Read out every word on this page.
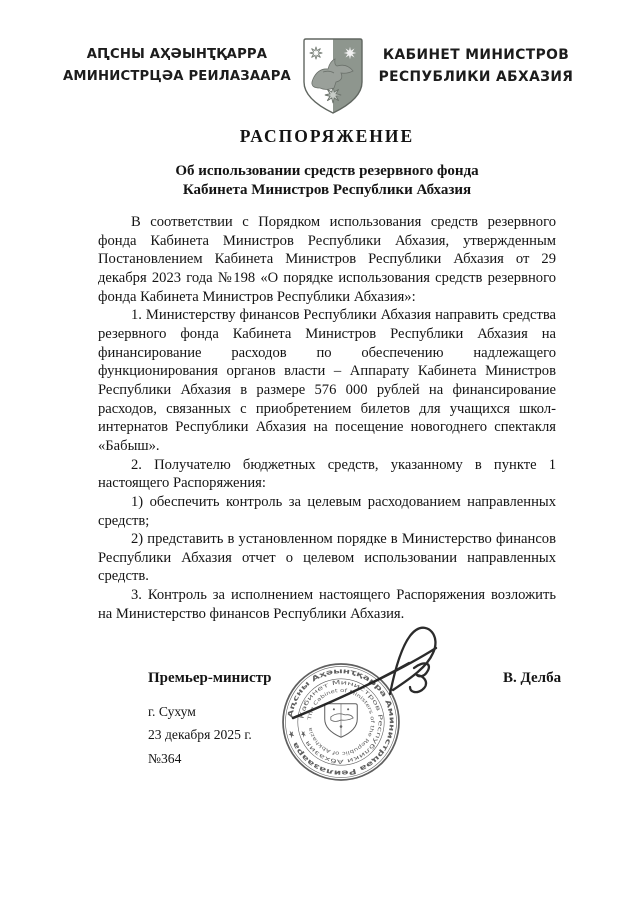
АԤСНЫ АҲӘЫНҬҚАРРА
АМИНИСТРЦӘА РЕИЛАЗААРА
КАБИНЕТ МИНИСТРОВ
РЕСПУБЛИКИ АБХАЗИЯ
РАСПОРЯЖЕНИЕ
Об использовании средств резервного фонда
Кабинета Министров Республики Абхазия

В соответствии с Порядком использования средств резервного фонда Кабинета Министров Республики Абхазия, утвержденным Постановлением Кабинета Министров Республики Абхазия от 29 декабря 2023 года №198 «О порядке использования средств резервного фонда Кабинета Министров Республики Абхазия»:

1. Министерству финансов Республики Абхазия направить средства резервного фонда Кабинета Министров Республики Абхазия на финансирование расходов по обеспечению надлежащего функционирования органов власти – Аппарату Кабинета Министров Республики Абхазия в размере 576 000 рублей на финансирование расходов, связанных с приобретением билетов для учащихся школ-интернатов Республики Абхазия на посещение новогоднего спектакля «Бабыш».

2. Получателю бюджетных средств, указанному в пункте 1 настоящего Распоряжения:

1) обеспечить контроль за целевым расходованием направленных средств;

2) представить в установленном порядке в Министерство финансов Республики Абхазия отчет о целевом использовании направленных средств.

3. Контроль за исполнением настоящего Распоряжения возложить на Министерство финансов Республики Абхазия.

Премьер-министр	В. Делба
г. Сухум
23 декабря 2025 г.
№364
Аԥсны Аҳәынҭқарра Аминистрцәа Реилазаара ★
Кабинет Министров Республики Абхазия ★
The Cabinet of Ministers of the Republic of Abkhazia
